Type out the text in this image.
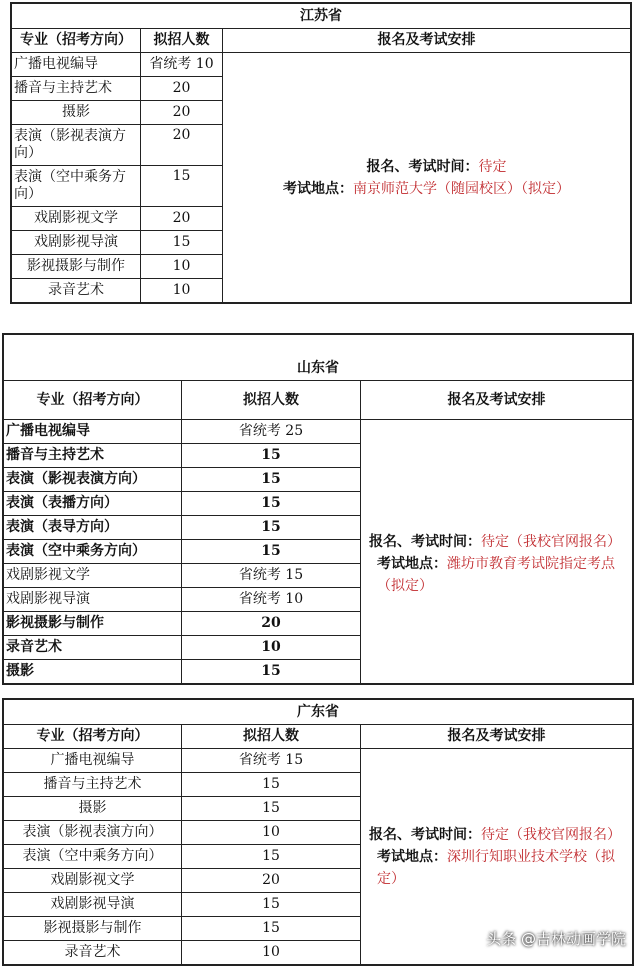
江苏省		
专业（招考方向）	拟招人数	报名及考试安排
广播电视编导	省统考 10	报名、考试时间：待定
考试地点：南京师范大学（随园校区）（拟定）

播音与主持艺术	20	
摄影	20	
表演（影视表演方向）	20	
表演（空中乘务方向）	15	
戏剧影视文学	20	
戏剧影视导演	15	
影视摄影与制作	10	
录音艺术	10	
山东省		
专业（招考方向）	拟招人数	报名及考试安排
广播电视编导	省统考 25	报名、考试时间：待定（我校官网报名）
考试地点：潍坊市教育考试院指定考点（拟定）

播音与主持艺术	15	
表演（影视表演方向）	15	
表演（表播方向）	15	
表演（表导方向）	15	
表演（空中乘务方向）	15	
戏剧影视文学	省统考 15	
戏剧影视导演	省统考 10	
影视摄影与制作	20	
录音艺术	10	
摄影	15	
广东省		
专业（招考方向）	拟招人数	报名及考试安排
广播电视编导	省统考 15	报名、考试时间：待定（我校官网报名）
考试地点：深圳行知职业技术学校（拟定）

播音与主持艺术	15	
摄影	15	
表演（影视表演方向）	10	
表演（空中乘务方向）	15	
戏剧影视文学	20	
戏剧影视导演	15	
影视摄影与制作	15	
录音艺术	10	
头条 @吉林动画学院
